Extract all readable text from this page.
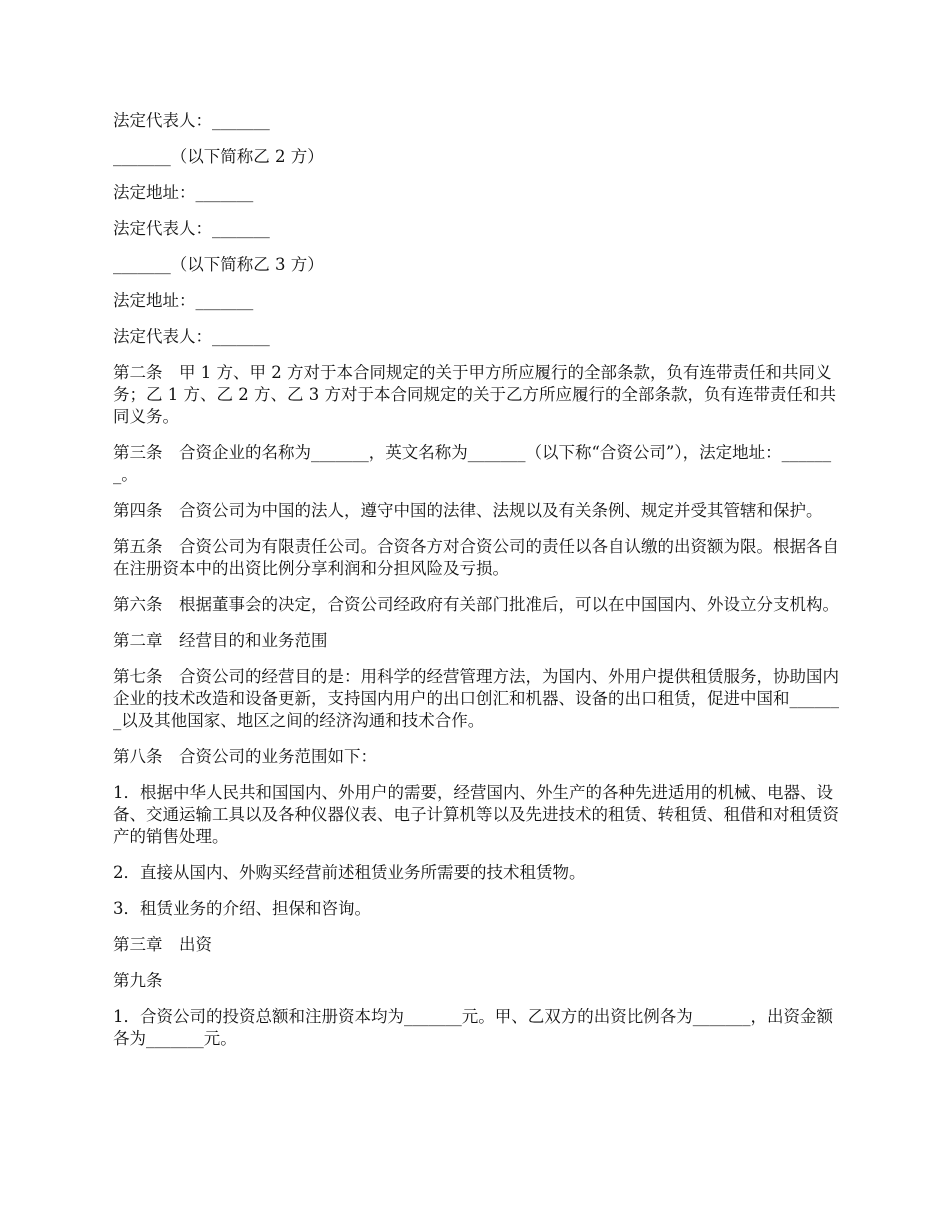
法定代表人：_______

_______（以下简称乙 2 方）

法定地址：_______

法定代表人：_______

_______（以下简称乙 3 方）

法定地址：_______

法定代表人：_______

第二条　甲 1 方、甲 2 方对于本合同规定的关于甲方所应履行的全部条款，负有连带责任和共同义务；乙 1 方、乙 2 方、乙 3 方对于本合同规定的关于乙方所应履行的全部条款，负有连带责任和共同义务。

第三条　合资企业的名称为_______，英文名称为_______（以下称“合资公司”），法定地址：_______。

第四条　合资公司为中国的法人，遵守中国的法律、法规以及有关条例、规定并受其管辖和保护。

第五条　合资公司为有限责任公司。合资各方对合资公司的责任以各自认缴的出资额为限。根据各自在注册资本中的出资比例分享利润和分担风险及亏损。

第六条　根据董事会的决定，合资公司经政府有关部门批准后，可以在中国国内、外设立分支机构。

第二章　经营目的和业务范围

第七条　合资公司的经营目的是：用科学的经营管理方法，为国内、外用户提供租赁服务，协助国内企业的技术改造和设备更新，支持国内用户的出口创汇和机器、设备的出口租赁，促进中国和_______以及其他国家、地区之间的经济沟通和技术合作。

第八条　合资公司的业务范围如下：

1．根据中华人民共和国国内、外用户的需要，经营国内、外生产的各种先进适用的机械、电器、设备、交通运输工具以及各种仪器仪表、电子计算机等以及先进技术的租赁、转租赁、租借和对租赁资产的销售处理。

2．直接从国内、外购买经营前述租赁业务所需要的技术租赁物。

3．租赁业务的介绍、担保和咨询。

第三章　出资

第九条

1．合资公司的投资总额和注册资本均为_______元。甲、乙双方的出资比例各为_______，出资金额各为_______元。
